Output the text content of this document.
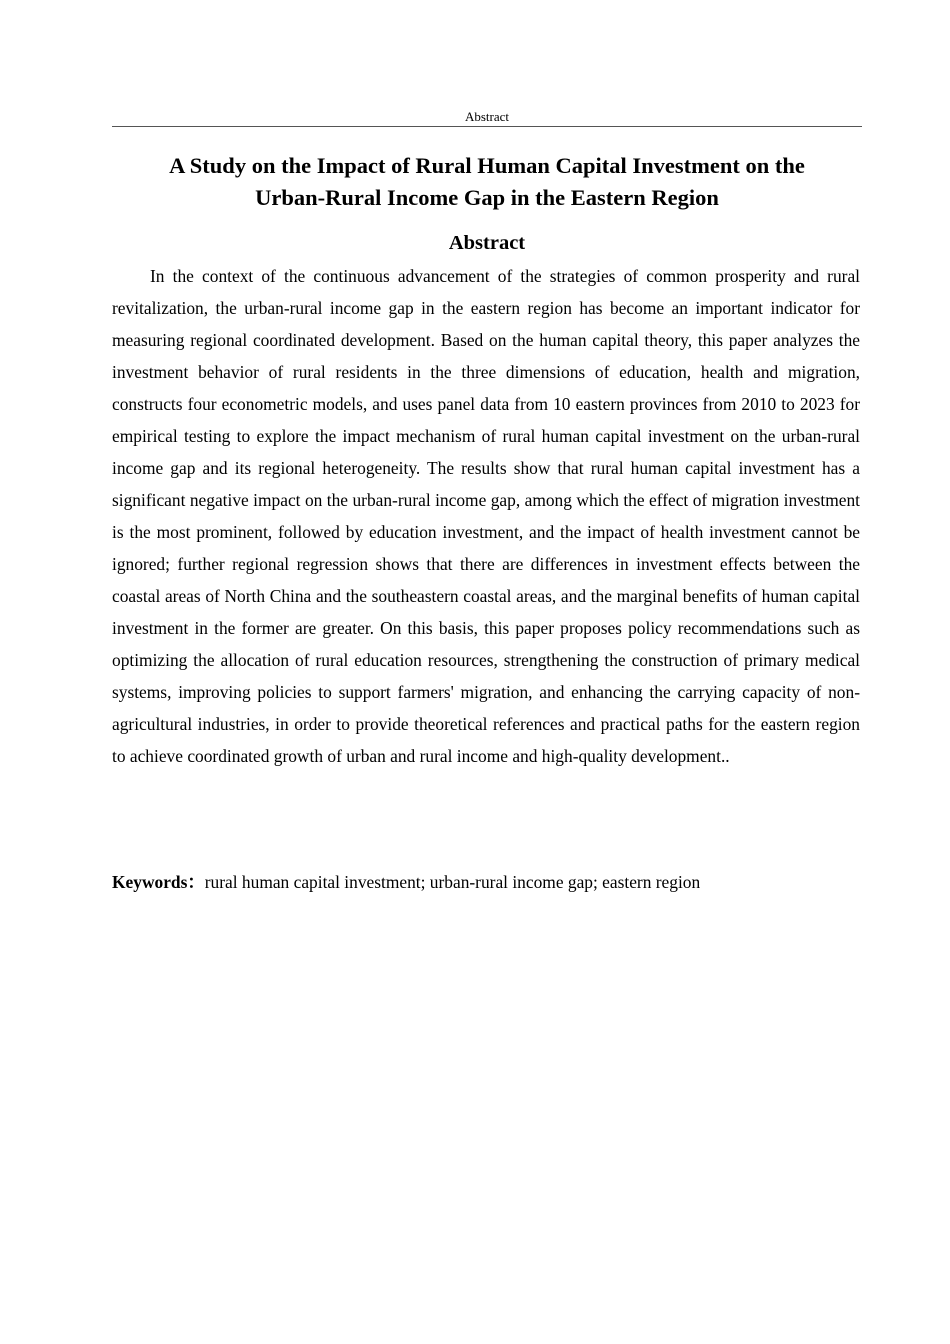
Abstract
A Study on the Impact of Rural Human Capital Investment on the
Urban-Rural Income Gap in the Eastern Region
Abstract

In the context of the continuous advancement of the strategies of common prosperity and rural revitalization, the urban-rural income gap in the eastern region has become an important indicator for measuring regional coordinated development. Based on the human capital theory, this paper analyzes the investment behavior of rural residents in the three dimensions of education, health and migration, constructs four econometric models, and uses panel data from 10 eastern provinces from 2010 to 2023 for empirical testing to explore the impact mechanism of rural human capital investment on the urban-rural income gap and its regional heterogeneity. The results show that rural human capital investment has a significant negative impact on the urban-rural income gap, among which the effect of migration investment is the most prominent, followed by education investment, and the impact of health investment cannot be ignored; further regional regression shows that there are differences in investment effects between the coastal areas of North China and the southeastern coastal areas, and the marginal benefits of human capital investment in the former are greater. On this basis, this paper proposes policy recommendations such as optimizing the allocation of rural education resources, strengthening the construction of primary medical systems, improving policies to support farmers' migration, and enhancing the carrying capacity of non-agricultural industries, in order to provide theoretical references and practical paths for the eastern region to achieve coordinated growth of urban and rural income and high-quality development..

Keywords：rural human capital investment; urban-rural income gap; eastern region
